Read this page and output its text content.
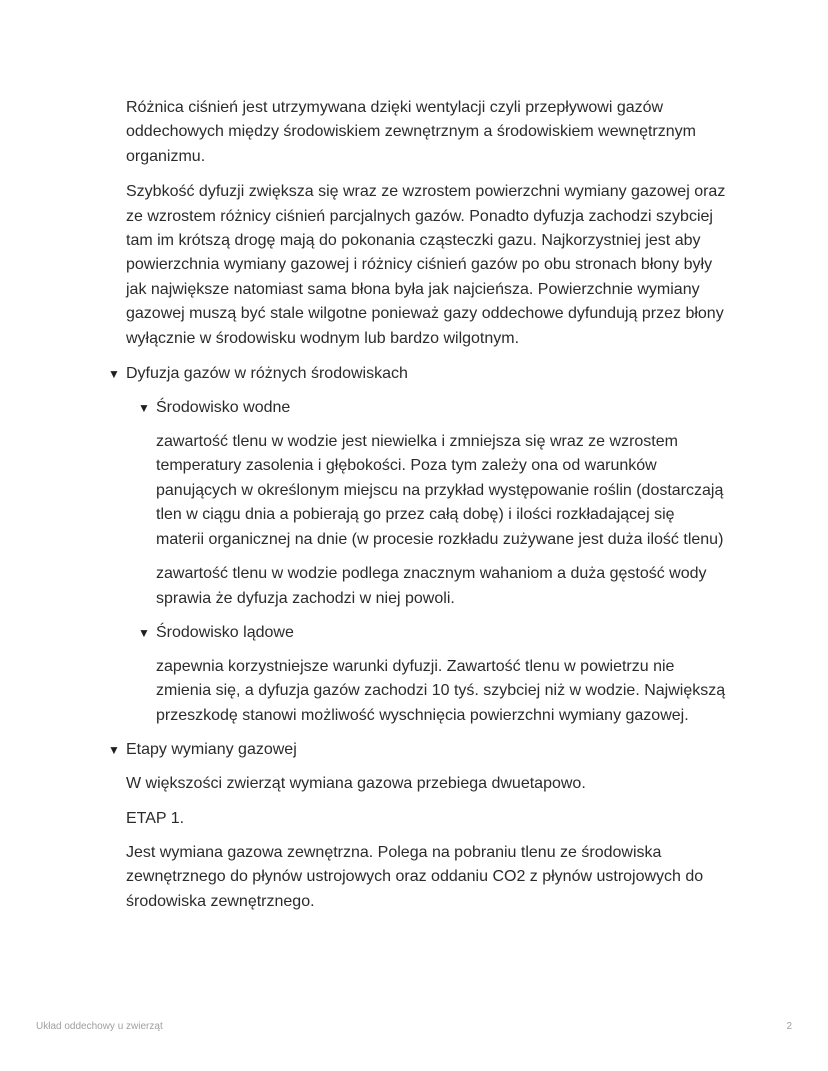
Różnica ciśnień jest utrzymywana dzięki wentylacji czyli przepływowi gazów oddechowych między środowiskiem zewnętrznym a środowiskiem wewnętrznym organizmu.

Szybkość dyfuzji zwiększa się wraz ze wzrostem powierzchni wymiany gazowej oraz ze wzrostem różnicy ciśnień parcjalnych gazów. Ponadto dyfuzja zachodzi szybciej tam im krótszą drogę mają do pokonania cząsteczki gazu. Najkorzystniej jest aby powierzchnia wymiany gazowej i różnicy ciśnień gazów po obu stronach błony były jak największe natomiast sama błona była jak najcieńsza. Powierzchnie wymiany gazowej muszą być stale wilgotne ponieważ gazy oddechowe dyfundują przez błony wyłącznie w środowisku wodnym lub bardzo wilgotnym.

▼ Dyfuzja gazów w różnych środowiskach
▼ Środowisko wodne

zawartość tlenu w wodzie jest niewielka i zmniejsza się wraz ze wzrostem temperatury zasolenia i głębokości. Poza tym zależy ona od warunków panujących w określonym miejscu na przykład występowanie roślin (dostarczają tlen w ciągu dnia a pobierają go przez całą dobę) i ilości rozkładającej się materii organicznej na dnie (w procesie rozkładu zużywane jest duża ilość tlenu)

zawartość tlenu w wodzie podlega znacznym wahaniom a duża gęstość wody sprawia że dyfuzja zachodzi w niej powoli.

▼ Środowisko lądowe

zapewnia korzystniejsze warunki dyfuzji. Zawartość tlenu w powietrzu nie zmienia się, a dyfuzja gazów zachodzi 10 tyś. szybciej niż w wodzie. Największą przeszkodę stanowi możliwość wyschnięcia powierzchni wymiany gazowej.

▼ Etapy wymiany gazowej

W większości zwierząt wymiana gazowa przebiega dwuetapowo.

ETAP 1.

Jest wymiana gazowa zewnętrzna. Polega na pobraniu tlenu ze środowiska zewnętrznego do płynów ustrojowych oraz oddaniu CO2 z płynów ustrojowych do środowiska zewnętrznego.

Układ oddechowy u zwierząt	2
